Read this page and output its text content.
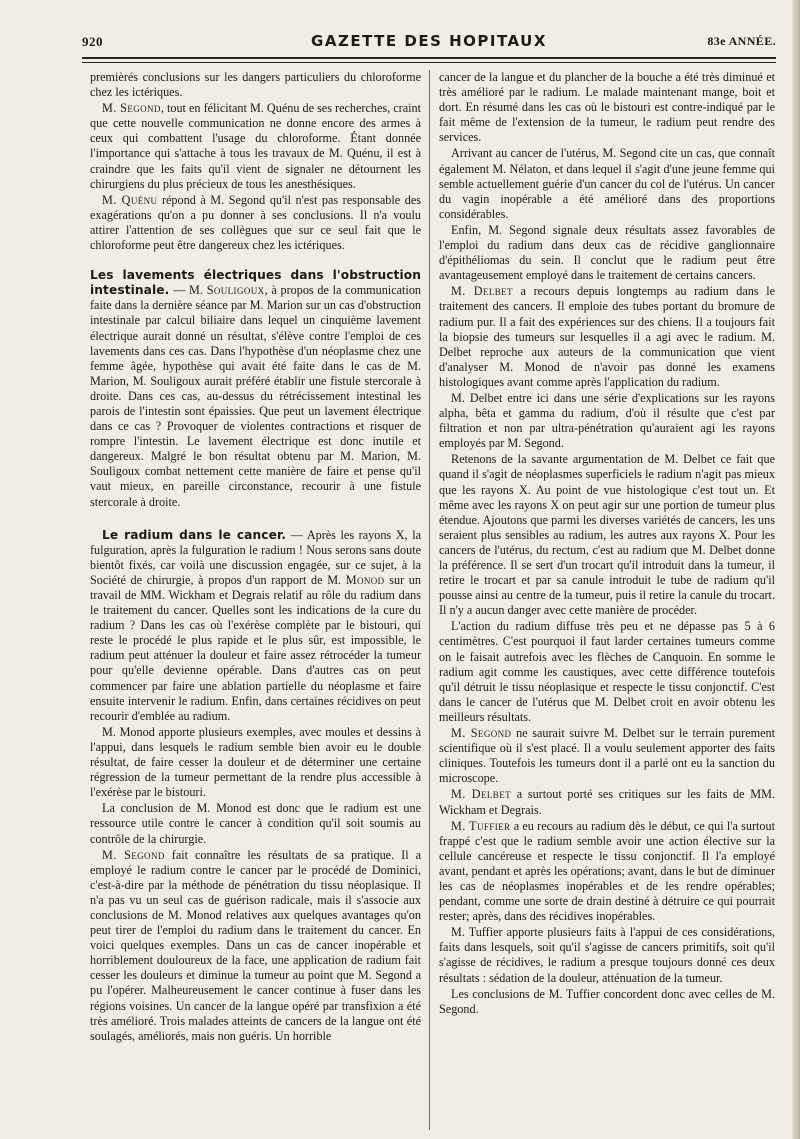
920	GAZETTE DES HOPITAUX	83e ANNÉE.

premièrés conclusions sur les dangers particuliers du chloroforme chez les ictériques.

M. Segond, tout en félicitant M. Quénu de ses recherches, craint que cette nouvelle communication ne donne encore des armes à ceux qui combattent l'usage du chloroforme. Étant donnée l'importance qui s'attache à tous les travaux de M. Quénu, il est à craindre que les faits qu'il vient de signaler ne détournent les chirurgiens du plus précieux de tous les anesthésiques.

M. Quénu répond à M. Segond qu'il n'est pas responsable des exagérations qu'on a pu donner à ses conclusions. Il n'a voulu attirer l'attention de ses collègues que sur ce seul fait que le chloroforme peut être dangereux chez les ictériques.

Les lavements électriques dans l'obstruction intestinale. — M. Souligoux, à propos de la communication faite dans la dernière séance par M. Marion sur un cas d'obstruction intestinale par calcul biliaire dans lequel un cinquième lavement électrique aurait donné un résultat, s'élève contre l'emploi de ces lavements dans ces cas. Dans l'hypothèse d'un néoplasme chez une femme âgée, hypothèse qui avait été faite dans le cas de M. Marion, M. Souligoux aurait préféré établir une fistule stercorale à droite. Dans ces cas, au-dessus du rétrécissement intestinal les parois de l'intestin sont épaissies. Que peut un lavement électrique dans ce cas ? Provoquer de violentes contractions et risquer de rompre l'intestin. Le lavement électrique est donc inutile et dangereux. Malgré le bon résultat obtenu par M. Marion, M. Souligoux combat nettement cette manière de faire et pense qu'il vaut mieux, en pareille circonstance, recourir à une fistule stercorale à droite.

Le radium dans le cancer. — Après les rayons X, la fulguration, après la fulguration le radium ! Nous serons sans doute bientôt fixés, car voilà une discussion engagée, sur ce sujet, à la Société de chirurgie, à propos d'un rapport de M. Monod sur un travail de MM. Wickham et Degrais relatif au rôle du radium dans le traitement du cancer. Quelles sont les indications de la cure du radium ? Dans les cas où l'exérèse complète par le bistouri, qui reste le procédé le plus rapide et le plus sûr, est impossible, le radium peut atténuer la douleur et faire assez rétrocéder la tumeur pour qu'elle devienne opérable. Dans d'autres cas on peut commencer par faire une ablation partielle du néoplasme et faire ensuite intervenir le radium. Enfin, dans certaines récidives on peut recourir d'emblée au radium.

M. Monod apporte plusieurs exemples, avec moules et dessins à l'appui, dans lesquels le radium semble bien avoir eu le double résultat, de faire cesser la douleur et de déterminer une certaine régression de la tumeur permettant de la rendre plus accessible à l'exérèse par le bistouri.

La conclusion de M. Monod est donc que le radium est une ressource utile contre le cancer à condition qu'il soit soumis au contrôle de la chirurgie.

M. Segond fait connaître les résultats de sa pratique. Il a employé le radium contre le cancer par le procédé de Dominici, c'est-à-dire par la méthode de pénétration du tissu néoplasique. Il n'a pas vu un seul cas de guérison radicale, mais il s'associe aux conclusions de M. Monod relatives aux quelques avantages qu'on peut tirer de l'emploi du radium dans le traitement du cancer. En voici quelques exemples. Dans un cas de cancer inopérable et horriblement douloureux de la face, une application de radium fait cesser les douleurs et diminue la tumeur au point que M. Segond a pu l'opérer. Malheureusement le cancer continue à fuser dans les régions voisines. Un cancer de la langue opéré par transfixion a été très amélioré. Trois malades atteints de cancers de la langue ont été soulagés, améliorés, mais non guéris. Un horrible

cancer de la langue et du plancher de la bouche a été très diminué et très amélioré par le radium. Le malade maintenant mange, boit et dort. En résumé dans les cas où le bistouri est contre-indiqué par le fait même de l'extension de la tumeur, le radium peut rendre des services.

Arrivant au cancer de l'utérus, M. Segond cite un cas, que connaît également M. Nélaton, et dans lequel il s'agit d'une jeune femme qui semble actuellement guérie d'un cancer du col de l'utérus. Un cancer du vagin inopérable a été amélioré dans des proportions considérables.

Enfin, M. Segond signale deux résultats assez favorables de l'emploi du radium dans deux cas de récidive ganglionnaire d'épithéliomas du sein. Il conclut que le radium peut être avantageusement employé dans le traitement de certains cancers.

M. Delbet a recours depuis longtemps au radium dans le traitement des cancers. Il emploie des tubes portant du bromure de radium pur. Il a fait des expériences sur des chiens. Il a toujours fait la biopsie des tumeurs sur lesquelles il a agi avec le radium. M. Delbet reproche aux auteurs de la communication que vient d'analyser M. Monod de n'avoir pas donné les examens histologiques avant comme après l'application du radium.

M. Delbet entre ici dans une série d'explications sur les rayons alpha, bêta et gamma du radium, d'où il résulte que c'est par filtration et non par ultra-pénétration qu'auraient agi les rayons employés par M. Segond.

Retenons de la savante argumentation de M. Delbet ce fait que quand il s'agit de néoplasmes superficiels le radium n'agit pas mieux que les rayons X. Au point de vue histologique c'est tout un. Et même avec les rayons X on peut agir sur une portion de tumeur plus étendue. Ajoutons que parmi les diverses variétés de cancers, les uns seraient plus sensibles au radium, les autres aux rayons X. Pour les cancers de l'utérus, du rectum, c'est au radium que M. Delbet donne la préférence. Il se sert d'un trocart qu'il introduit dans la tumeur, il retire le trocart et par sa canule introduit le tube de radium qu'il pousse ainsi au centre de la tumeur, puis il retire la canule du trocart. Il n'y a aucun danger avec cette manière de procéder.

L'action du radium diffuse très peu et ne dépasse pas 5 à 6 centimètres. C'est pourquoi il faut larder certaines tumeurs comme on le faisait autrefois avec les flèches de Canquoin. En somme le radium agit comme les caustiques, avec cette différence toutefois qu'il détruit le tissu néoplasique et respecte le tissu conjonctif. C'est dans le cancer de l'utérus que M. Delbet croit en avoir obtenu les meilleurs résultats.

M. Segond ne saurait suivre M. Delbet sur le terrain purement scientifique où il s'est placé. Il a voulu seulement apporter des faits cliniques. Toutefois les tumeurs dont il a parlé ont eu la sanction du microscope.

M. Delbet a surtout porté ses critiques sur les faits de MM. Wickham et Degrais.

M. Tuffier a eu recours au radium dès le début, ce qui l'a surtout frappé c'est que le radium semble avoir une action élective sur la cellule cancéreuse et respecte le tissu conjonctif. Il l'a employé avant, pendant et après les opérations; avant, dans le but de diminuer les cas de néoplasmes inopérables et de les rendre opérables; pendant, comme une sorte de drain destiné à détruire ce qui pourrait rester; après, dans des récidives inopérables.

M. Tuffier apporte plusieurs faits à l'appui de ces considérations, faits dans lesquels, soit qu'il s'agisse de cancers primitifs, soit qu'il s'agisse de récidives, le radium a presque toujours donné ces deux résultats : sédation de la douleur, atténuation de la tumeur.

Les conclusions de M. Tuffier concordent donc avec celles de M. Segond.
